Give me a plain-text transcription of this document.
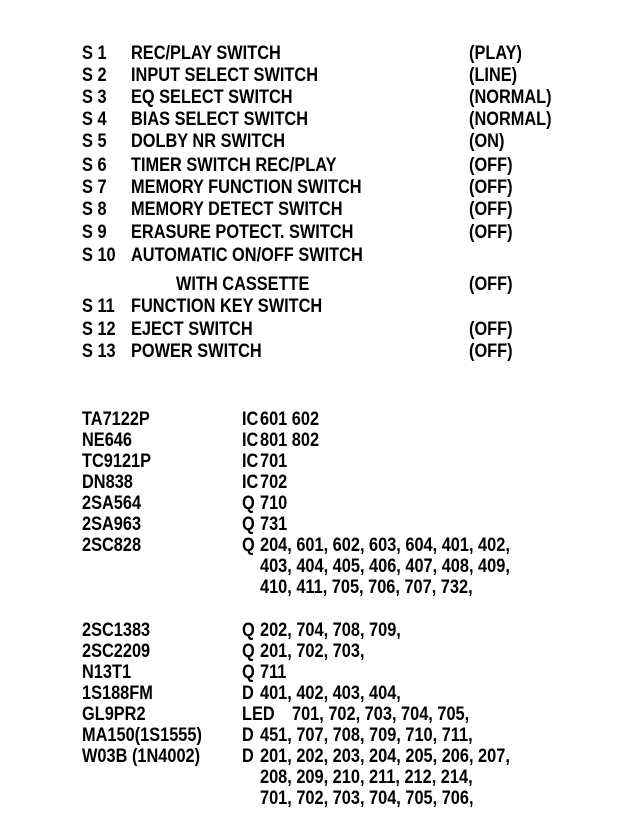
S 1 REC/PLAY SWITCH	(PLAY)
S 2 INPUT SELECT SWITCH	(LINE)
S 3 EQ SELECT SWITCH	(NORMAL)
S 4 BIAS SELECT SWITCH	(NORMAL)
S 5 DOLBY NR SWITCH	(ON)
S 6 TIMER SWITCH REC/PLAY	(OFF)
S 7 MEMORY FUNCTION SWITCH	(OFF)
S 8 MEMORY DETECT SWITCH	(OFF)
S 9 ERASURE POTECT. SWITCH	(OFF)
S 10 AUTOMATIC ON/OFF SWITCH
WITH CASSETTE	(OFF)
S 11 FUNCTION KEY SWITCH
S 12 EJECT SWITCH	(OFF)
S 13 POWER SWITCH	(OFF)
TA7122P	IC 601 602
NE646	IC 801 802
TC9121P	IC 701
DN838	IC 702
2SA564	Q 710
2SA963	Q 731
2SC828	Q 204, 601, 602, 603, 604, 401, 402,
403, 404, 405, 406, 407, 408, 409,
410, 411, 705, 706, 707, 732,
2SC1383	Q 202, 704, 708, 709,
2SC2209	Q 201, 702, 703,
N13T1	Q 711
1S188FM	D 401, 402, 403, 404,
GL9PR2	LED 701, 702, 703, 704, 705,
MA150(1S1555) D 451, 707, 708, 709, 710, 711,
W03B (1N4002) D 201, 202, 203, 204, 205, 206, 207,
208, 209, 210, 211, 212, 214,
701, 702, 703, 704, 705, 706,
